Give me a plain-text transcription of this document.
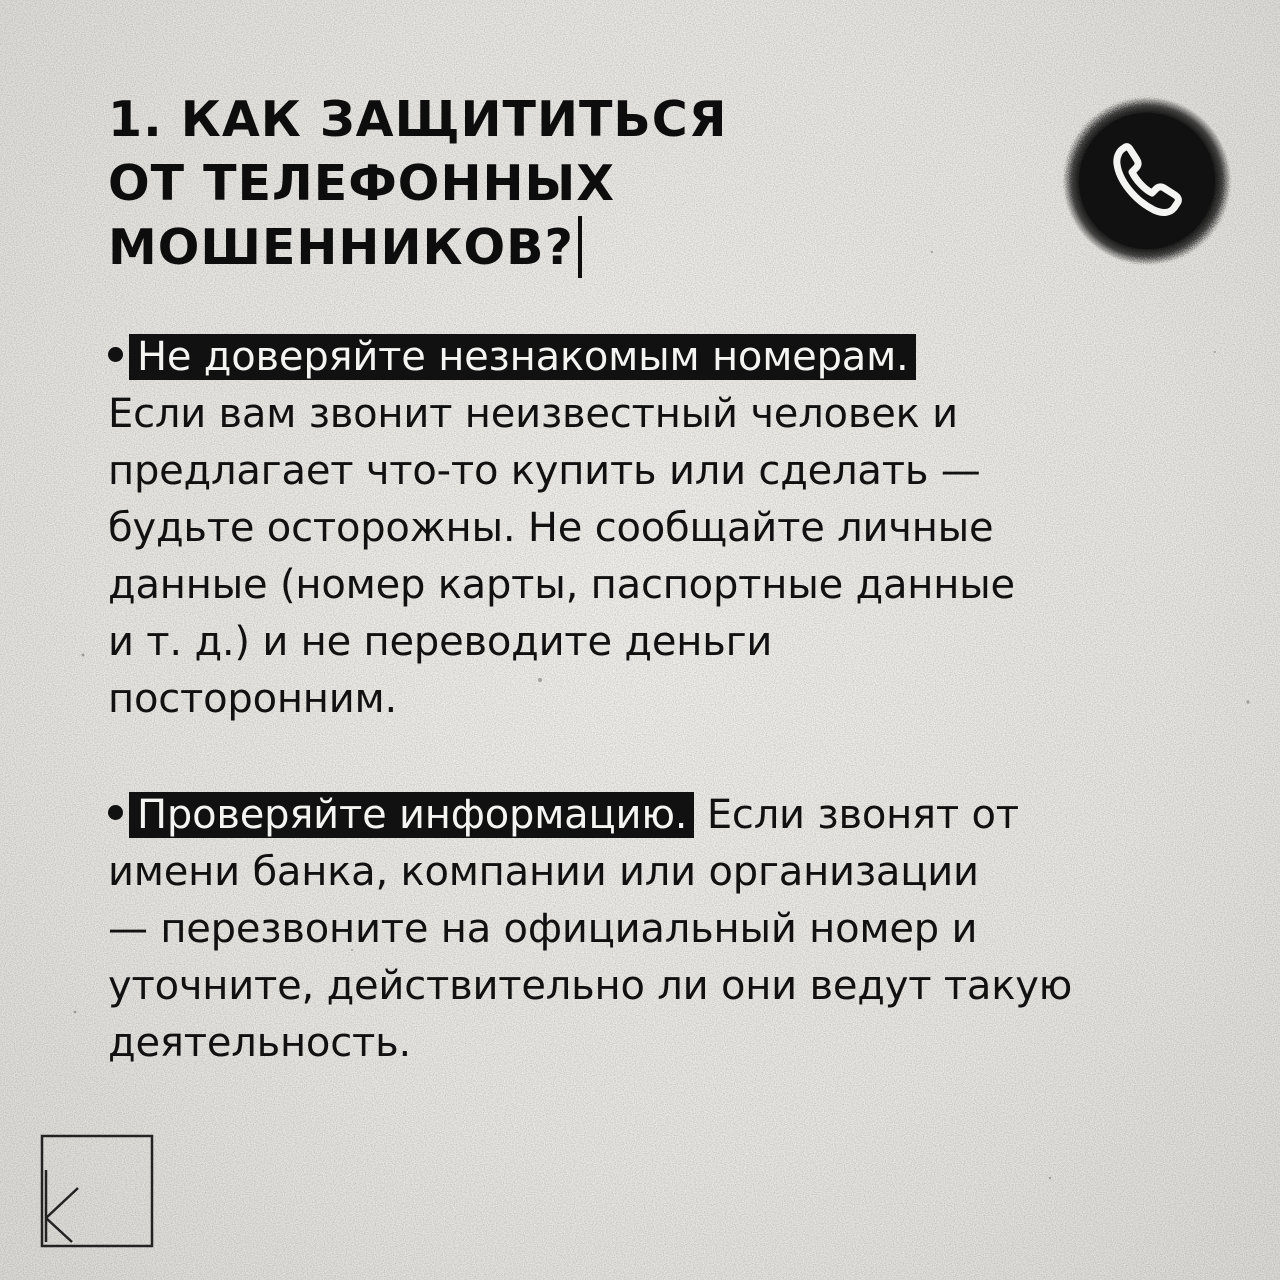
1. КАК ЗАЩИТИТЬСЯ
ОТ ТЕЛЕФОННЫХ
МОШЕННИКОВ?
Не доверяйте незнакомым номерам.
Если вам звонит неизвестный человек и
предлагает что-то купить или сделать —
будьте осторожны. Не сообщайте личные
данные (номер карты, паспортные данные
и т. д.) и не переводите деньги
посторонним.
Проверяйте информацию. Если звонят от
имени банка, компании или организации
— перезвоните на официальный номер и
уточните, действительно ли они ведут такую
деятельность.
